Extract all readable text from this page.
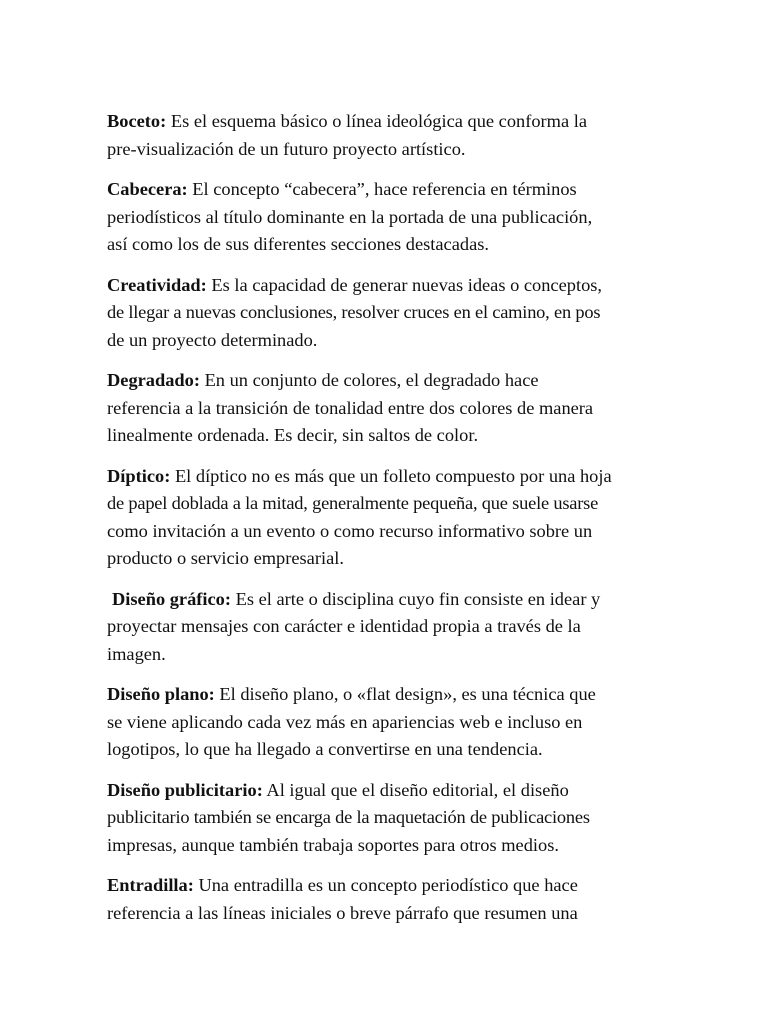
Boceto: Es el esquema básico o línea ideológica que conforma la
pre-visualización de un futuro proyecto artístico.

Cabecera: El concepto “cabecera”, hace referencia en términos
periodísticos al título dominante en la portada de una publicación,
así como los de sus diferentes secciones destacadas.

Creatividad: Es la capacidad de generar nuevas ideas o conceptos,
de llegar a nuevas conclusiones, resolver cruces en el camino, en pos
de un proyecto determinado.

Degradado: En un conjunto de colores, el degradado hace
referencia a la transición de tonalidad entre dos colores de manera
linealmente ordenada. Es decir, sin saltos de color.

Díptico: El díptico no es más que un folleto compuesto por una hoja
de papel doblada a la mitad, generalmente pequeña, que suele usarse
como invitación a un evento o como recurso informativo sobre un
producto o servicio empresarial.

Diseño gráfico: Es el arte o disciplina cuyo fin consiste en idear y
proyectar mensajes con carácter e identidad propia a través de la
imagen.

Diseño plano: El diseño plano, o «flat design», es una técnica que
se viene aplicando cada vez más en apariencias web e incluso en
logotipos, lo que ha llegado a convertirse en una tendencia.

Diseño publicitario: Al igual que el diseño editorial, el diseño
publicitario también se encarga de la maquetación de publicaciones
impresas, aunque también trabaja soportes para otros medios.

Entradilla: Una entradilla es un concepto periodístico que hace
referencia a las líneas iniciales o breve párrafo que resumen una
